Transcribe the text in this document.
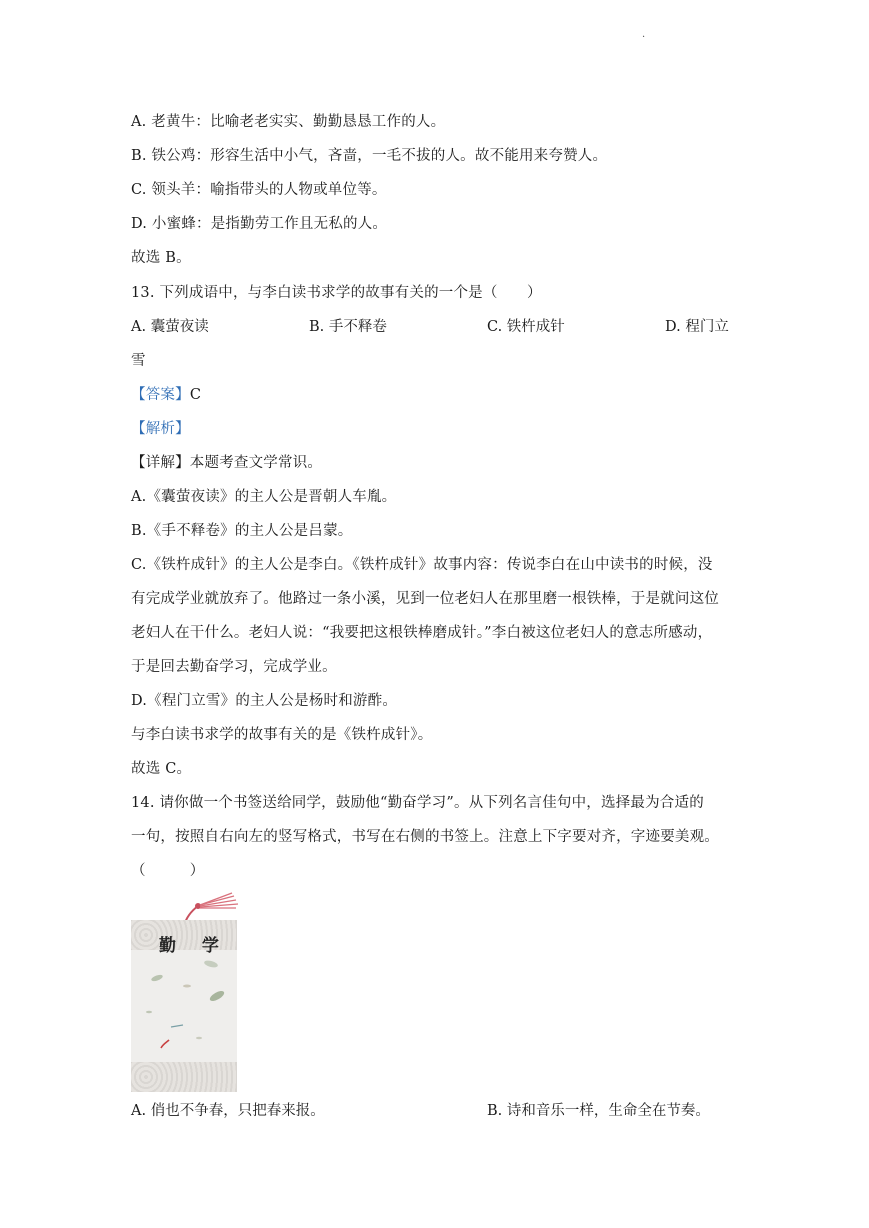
·
A. 老黄牛：比喻老老实实、勤勤恳恳工作的人。
B. 铁公鸡：形容生活中小气，吝啬，一毛不拔的人。故不能用来夸赞人。
C. 领头羊：喻指带头的人物或单位等。
D. 小蜜蜂：是指勤劳工作且无私的人。
故选 B。
13. 下列成语中，与李白读书求学的故事有关的一个是（　　）
A. 囊萤夜读	B. 手不释卷	C. 铁杵成针	D. 程门立
雪
【答案】C
【解析】
【详解】本题考查文学常识。
A.《囊萤夜读》的主人公是晋朝人车胤。
B.《手不释卷》的主人公是吕蒙。
C.《铁杵成针》的主人公是李白。《铁杵成针》故事内容：传说李白在山中读书的时候，没
有完成学业就放弃了。他路过一条小溪，见到一位老妇人在那里磨一根铁棒，于是就问这位
老妇人在干什么。老妇人说：“我要把这根铁棒磨成针。”李白被这位老妇人的意志所感动，
于是回去勤奋学习，完成学业。
D.《程门立雪》的主人公是杨时和游酢。
与李白读书求学的故事有关的是《铁杵成针》。
故选 C。
14. 请你做一个书签送给同学，鼓励他“勤奋学习”。从下列名言佳句中，选择最为合适的
一句，按照自右向左的竖写格式，书写在右侧的书签上。注意上下字要对齐，字迹要美观。
（　　　）
勤 学
A. 俏也不争春，只把春来报。	B. 诗和音乐一样，生命全在节奏。
